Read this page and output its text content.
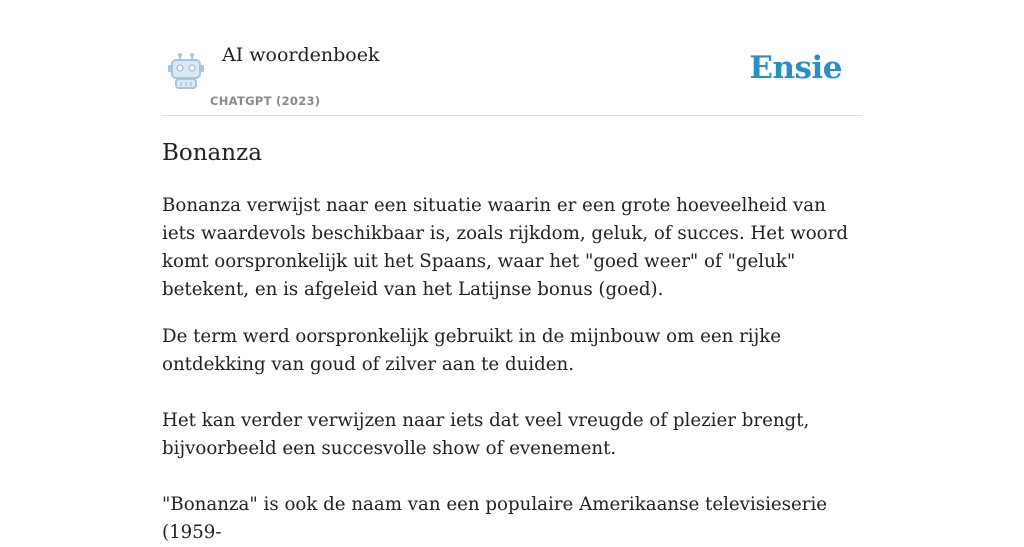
AI woordenboek
CHATGPT (2023)
Ensie
Bonanza

Bonanza verwijst naar een situatie waarin er een grote hoeveelheid van iets waardevols beschikbaar is, zoals rijkdom, geluk, of succes. Het woord komt oorspronkelijk uit het Spaans, waar het "goed weer" of "geluk" betekent, en is afgeleid van het Latijnse bonus (goed).

De term werd oorspronkelijk gebruikt in de mijnbouw om een rijke ontdekking van goud of zilver aan te duiden.

Het kan verder verwijzen naar iets dat veel vreugde of plezier brengt, bijvoorbeeld een succesvolle show of evenement.

"Bonanza" is ook de naam van een populaire Amerikaanse televisieserie (1959-
